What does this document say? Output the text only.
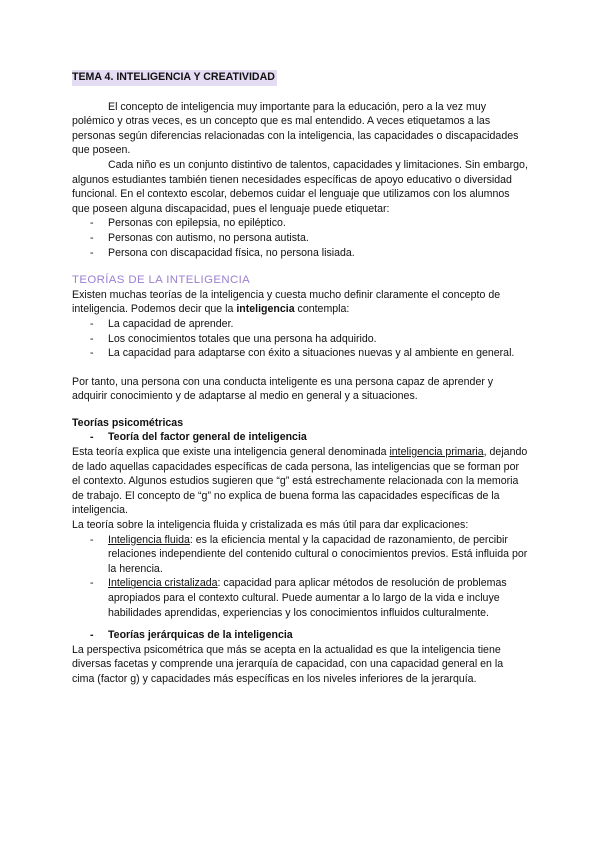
TEMA 4. INTELIGENCIA Y CREATIVIDAD

El concepto de inteligencia muy importante para la educación, pero a la vez muy polémico y otras veces, es un concepto que es mal entendido. A veces etiquetamos a las personas según diferencias relacionadas con la inteligencia, las capacidades o discapacidades que poseen.

Cada niño es un conjunto distintivo de talentos, capacidades y limitaciones. Sin embargo, algunos estudiantes también tienen necesidades específicas de apoyo educativo o diversidad funcional. En el contexto escolar, debemos cuidar el lenguaje que utilizamos con los alumnos que poseen alguna discapacidad, pues el lenguaje puede etiquetar:

- Personas con epilepsia, no epiléptico.
- Personas con autismo, no persona autista.
- Persona con discapacidad física, no persona lisiada.
TEORÍAS DE LA INTELIGENCIA

Existen muchas teorías de la inteligencia y cuesta mucho definir claramente el concepto de inteligencia. Podemos decir que la inteligencia contempla:

- La capacidad de aprender.
- Los conocimientos totales que una persona ha adquirido.
- La capacidad para adaptarse con éxito a situaciones nuevas y al ambiente en general.

Por tanto, una persona con una conducta inteligente es una persona capaz de aprender y adquirir conocimiento y de adaptarse al medio en general y a situaciones.

Teorías psicométricas
- Teoría del factor general de inteligencia

Esta teoría explica que existe una inteligencia general denominada inteligencia primaria, dejando de lado aquellas capacidades específicas de cada persona, las inteligencias que se forman por el contexto. Algunos estudios sugieren que “g” está estrechamente relacionada con la memoria de trabajo. El concepto de “g” no explica de buena forma las capacidades específicas de la inteligencia.

La teoría sobre la inteligencia fluida y cristalizada es más útil para dar explicaciones:

- Inteligencia fluida: es la eficiencia mental y la capacidad de razonamiento, de percibir relaciones independiente del contenido cultural o conocimientos previos. Está influida por la herencia.
- Inteligencia cristalizada: capacidad para aplicar métodos de resolución de problemas apropiados para el contexto cultural. Puede aumentar a lo largo de la vida e incluye habilidades aprendidas, experiencias y los conocimientos influidos culturalmente.
- Teorías jerárquicas de la inteligencia

La perspectiva psicométrica que más se acepta en la actualidad es que la inteligencia tiene diversas facetas y comprende una jerarquía de capacidad, con una capacidad general en la cima (factor g) y capacidades más específicas en los niveles inferiores de la jerarquía.
